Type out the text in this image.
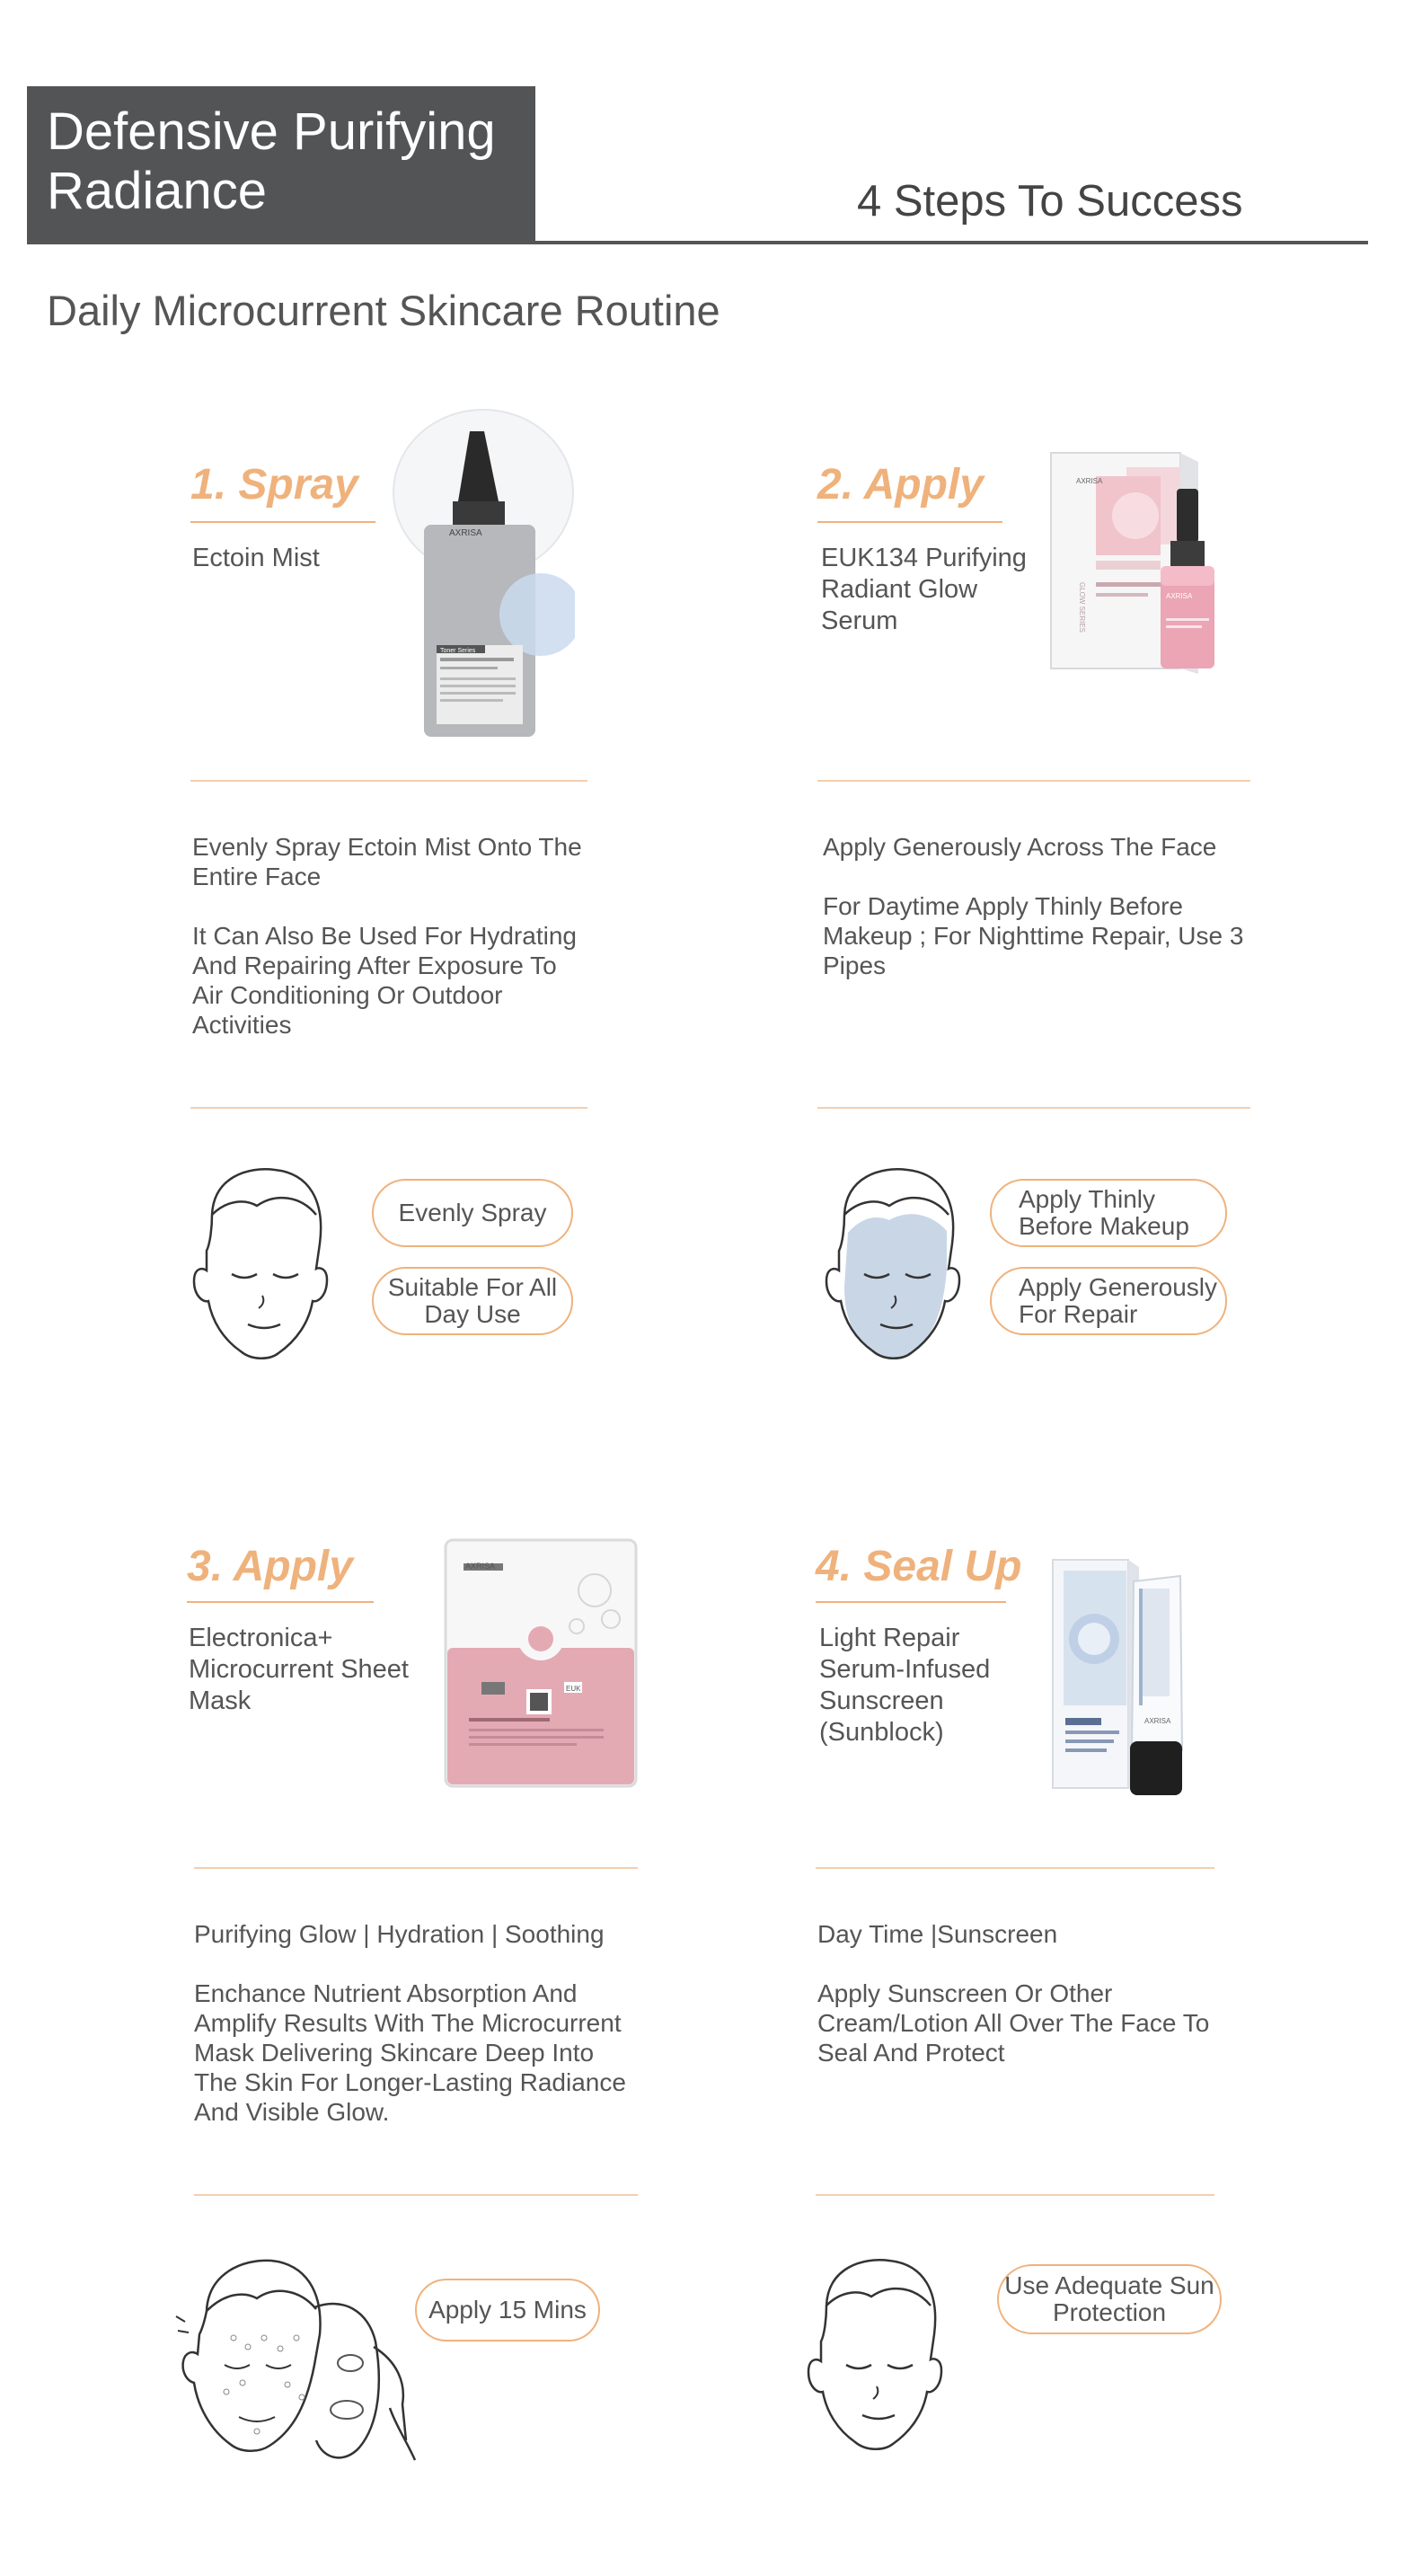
Defensive Purifying Radiance	4 Steps To Success
Daily Microcurrent Skincare Routine
1. Spray
Ectoin Mist
AXRISA
Toner Series

Evenly Spray Ectoin Mist Onto The Entire Face

It Can Also Be Used For Hydrating And Repairing After Exposure To Air Conditioning Or Outdoor Activities

Evenly Spray
Suitable For All Day Use
2. Apply
EUK134 Purifying Radiant Glow Serum
AXRISA
GLOW SERIES	AXRISA

Apply Generously Across The Face

For Daytime Apply Thinly Before Makeup ; For Nighttime Repair, Use 3 Pipes

Apply Thinly Before Makeup
Apply Generously For Repair
3. Apply
Electronica+ Microcurrent Sheet Mask
AXRISA
EUK

Purifying Glow | Hydration | Soothing

Enchance Nutrient Absorption And Amplify Results With The Microcurrent Mask Delivering Skincare Deep Into The Skin For Longer-Lasting Radiance And Visible Glow.

Apply 15 Mins
4. Seal Up
Light Repair Serum-Infused Sunscreen (Sunblock)	AXRISA

Day Time |Sunscreen

Apply Sunscreen Or Other Cream/Lotion All Over The Face To Seal And Protect

Use Adequate Sun Protection
